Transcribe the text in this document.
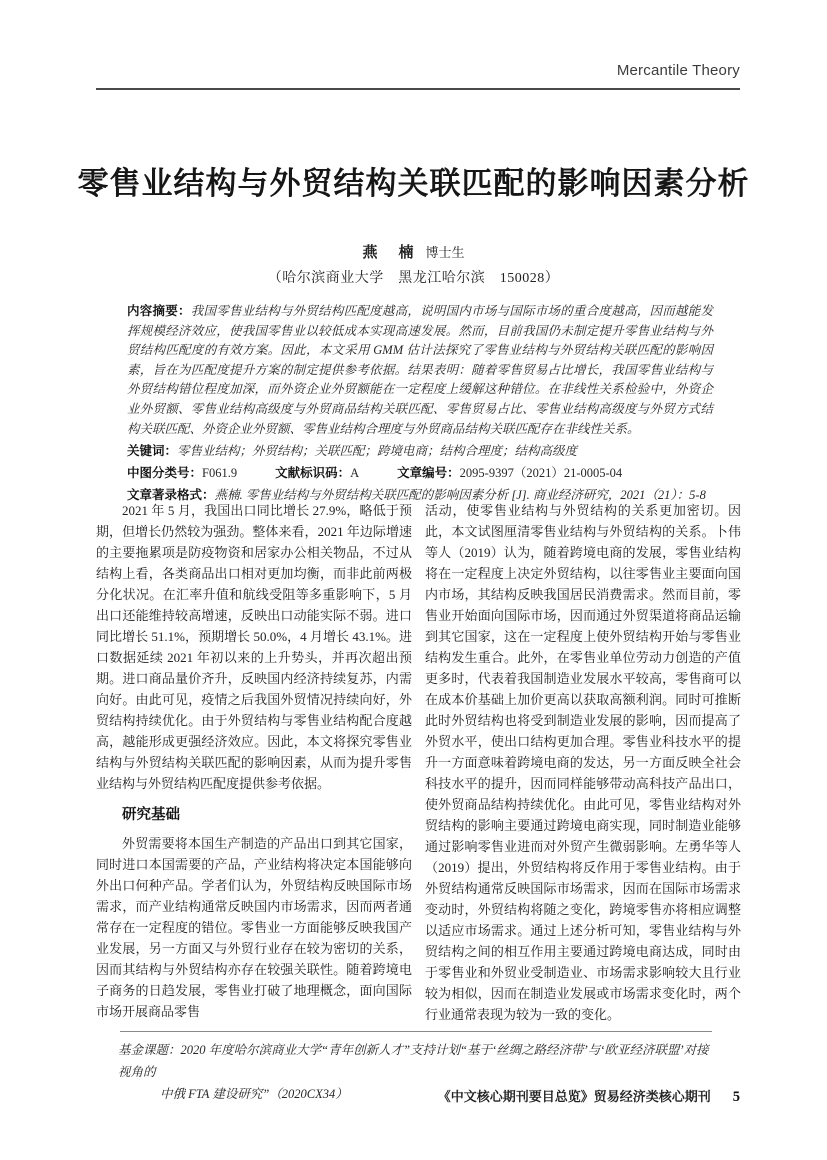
Mercantile Theory
零售业结构与外贸结构关联匹配的影响因素分析
燕　楠 博士生
（哈尔滨商业大学　黑龙江哈尔滨　150028）
内容摘要：我国零售业结构与外贸结构匹配度越高，说明国内市场与国际市场的重合度越高，因而越能发挥规模经济效应，使我国零售业以较低成本实现高速发展。然而，目前我国仍未制定提升零售业结构与外贸结构匹配度的有效方案。因此，本文采用 GMM 估计法探究了零售业结构与外贸结构关联匹配的影响因素，旨在为匹配度提升方案的制定提供参考依据。结果表明：随着零售贸易占比增长，我国零售业结构与外贸结构错位程度加深，而外资企业外贸额能在一定程度上缓解这种错位。在非线性关系检验中，外资企业外贸额、零售业结构高级度与外贸商品结构关联匹配、零售贸易占比、零售业结构高级度与外贸方式结构关联匹配、外资企业外贸额、零售业结构合理度与外贸商品结构关联匹配存在非线性关系。
关键词：零售业结构；外贸结构；关联匹配；跨境电商；结构合理度；结构高级度
中图分类号：F061.9	文献标识码：A	文章编号：2095-9397（2021）21-0005-04
文章著录格式：燕楠. 零售业结构与外贸结构关联匹配的影响因素分析 [J]. 商业经济研究，2021（21）：5-8

2021 年 5 月，我国出口同比增长 27.9%，略低于预期，但增长仍然较为强劲。整体来看，2021 年边际增速的主要拖累项是防疫物资和居家办公相关物品，不过从结构上看，各类商品出口相对更加均衡，而非此前两极分化状况。在汇率升值和航线受阻等多重影响下，5 月出口还能维持较高增速，反映出口动能实际不弱。进口同比增长 51.1%，预期增长 50.0%，4 月增长 43.1%。进口数据延续 2021 年初以来的上升势头，并再次超出预期。进口商品量价齐升，反映国内经济持续复苏，内需向好。由此可见，疫情之后我国外贸情况持续向好，外贸结构持续优化。由于外贸结构与零售业结构配合度越高，越能形成更强经济效应。因此，本文将探究零售业结构与外贸结构关联匹配的影响因素，从而为提升零售业结构与外贸结构匹配度提供参考依据。

研究基础

外贸需要将本国生产制造的产品出口到其它国家，同时进口本国需要的产品，产业结构将决定本国能够向外出口何种产品。学者们认为，外贸结构反映国际市场需求，而产业结构通常反映国内市场需求，因而两者通常存在一定程度的错位。零售业一方面能够反映我国产业发展，另一方面又与外贸行业存在较为密切的关系，因而其结构与外贸结构亦存在较强关联性。随着跨境电子商务的日趋发展，零售业打破了地理概念，面向国际市场开展商品零售

活动，使零售业结构与外贸结构的关系更加密切。因此，本文试图厘清零售业结构与外贸结构的关系。卜伟等人（2019）认为，随着跨境电商的发展，零售业结构将在一定程度上决定外贸结构，以往零售业主要面向国内市场，其结构反映我国居民消费需求。然而目前，零售业开始面向国际市场，因而通过外贸渠道将商品运输到其它国家，这在一定程度上使外贸结构开始与零售业结构发生重合。此外，在零售业单位劳动力创造的产值更多时，代表着我国制造业发展水平较高，零售商可以在成本价基础上加价更高以获取高额利润。同时可推断此时外贸结构也将受到制造业发展的影响，因而提高了外贸水平，使出口结构更加合理。零售业科技水平的提升一方面意味着跨境电商的发达，另一方面反映全社会科技水平的提升，因而同样能够带动高科技产品出口，使外贸商品结构持续优化。由此可见，零售业结构对外贸结构的影响主要通过跨境电商实现，同时制造业能够通过影响零售业进而对外贸产生微弱影响。左勇华等人（2019）提出，外贸结构将反作用于零售业结构。由于外贸结构通常反映国际市场需求，因而在国际市场需求变动时，外贸结构将随之变化，跨境零售亦将相应调整以适应市场需求。通过上述分析可知，零售业结构与外贸结构之间的相互作用主要通过跨境电商达成，同时由于零售业和外贸业受制造业、市场需求影响较大且行业较为相似，因而在制造业发展或市场需求变化时，两个行业通常表现为较为一致的变化。

基金课题：2020 年度哈尔滨商业大学“青年创新人才”支持计划“基于‘丝绸之路经济带’与‘欧亚经济联盟’对接视角的
中俄 FTA 建设研究”（2020CX34）	《中文核心期刊要目总览》贸易经济类核心期刊 5
